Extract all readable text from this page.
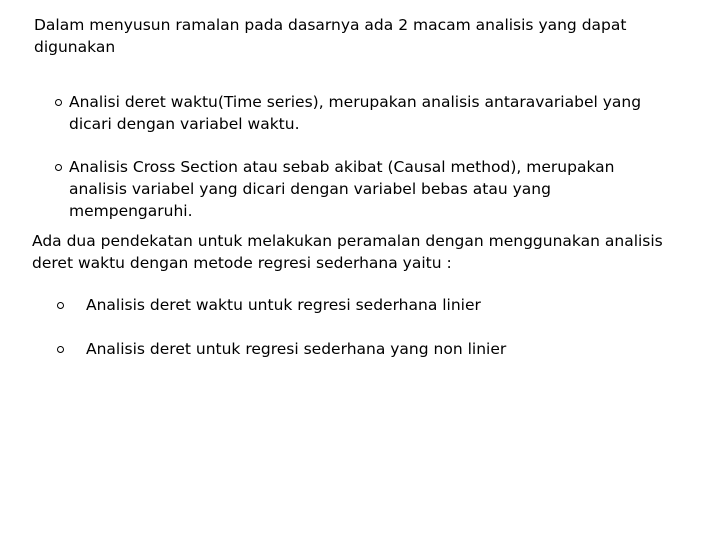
Dalam menyusun ramalan pada dasarnya ada 2 macam analisis yang dapat digunakan

Analisi deret waktu(Time series), merupakan analisis antaravariabel yang dicari dengan variabel waktu.

Analisis Cross Section atau sebab akibat (Causal method), merupakan analisis variabel yang dicari dengan variabel bebas atau yang mempengaruhi.

Ada dua pendekatan untuk melakukan peramalan dengan menggunakan analisis deret waktu dengan metode regresi sederhana yaitu :

Analisis deret waktu untuk regresi sederhana linier

Analisis deret untuk regresi sederhana yang non linier
